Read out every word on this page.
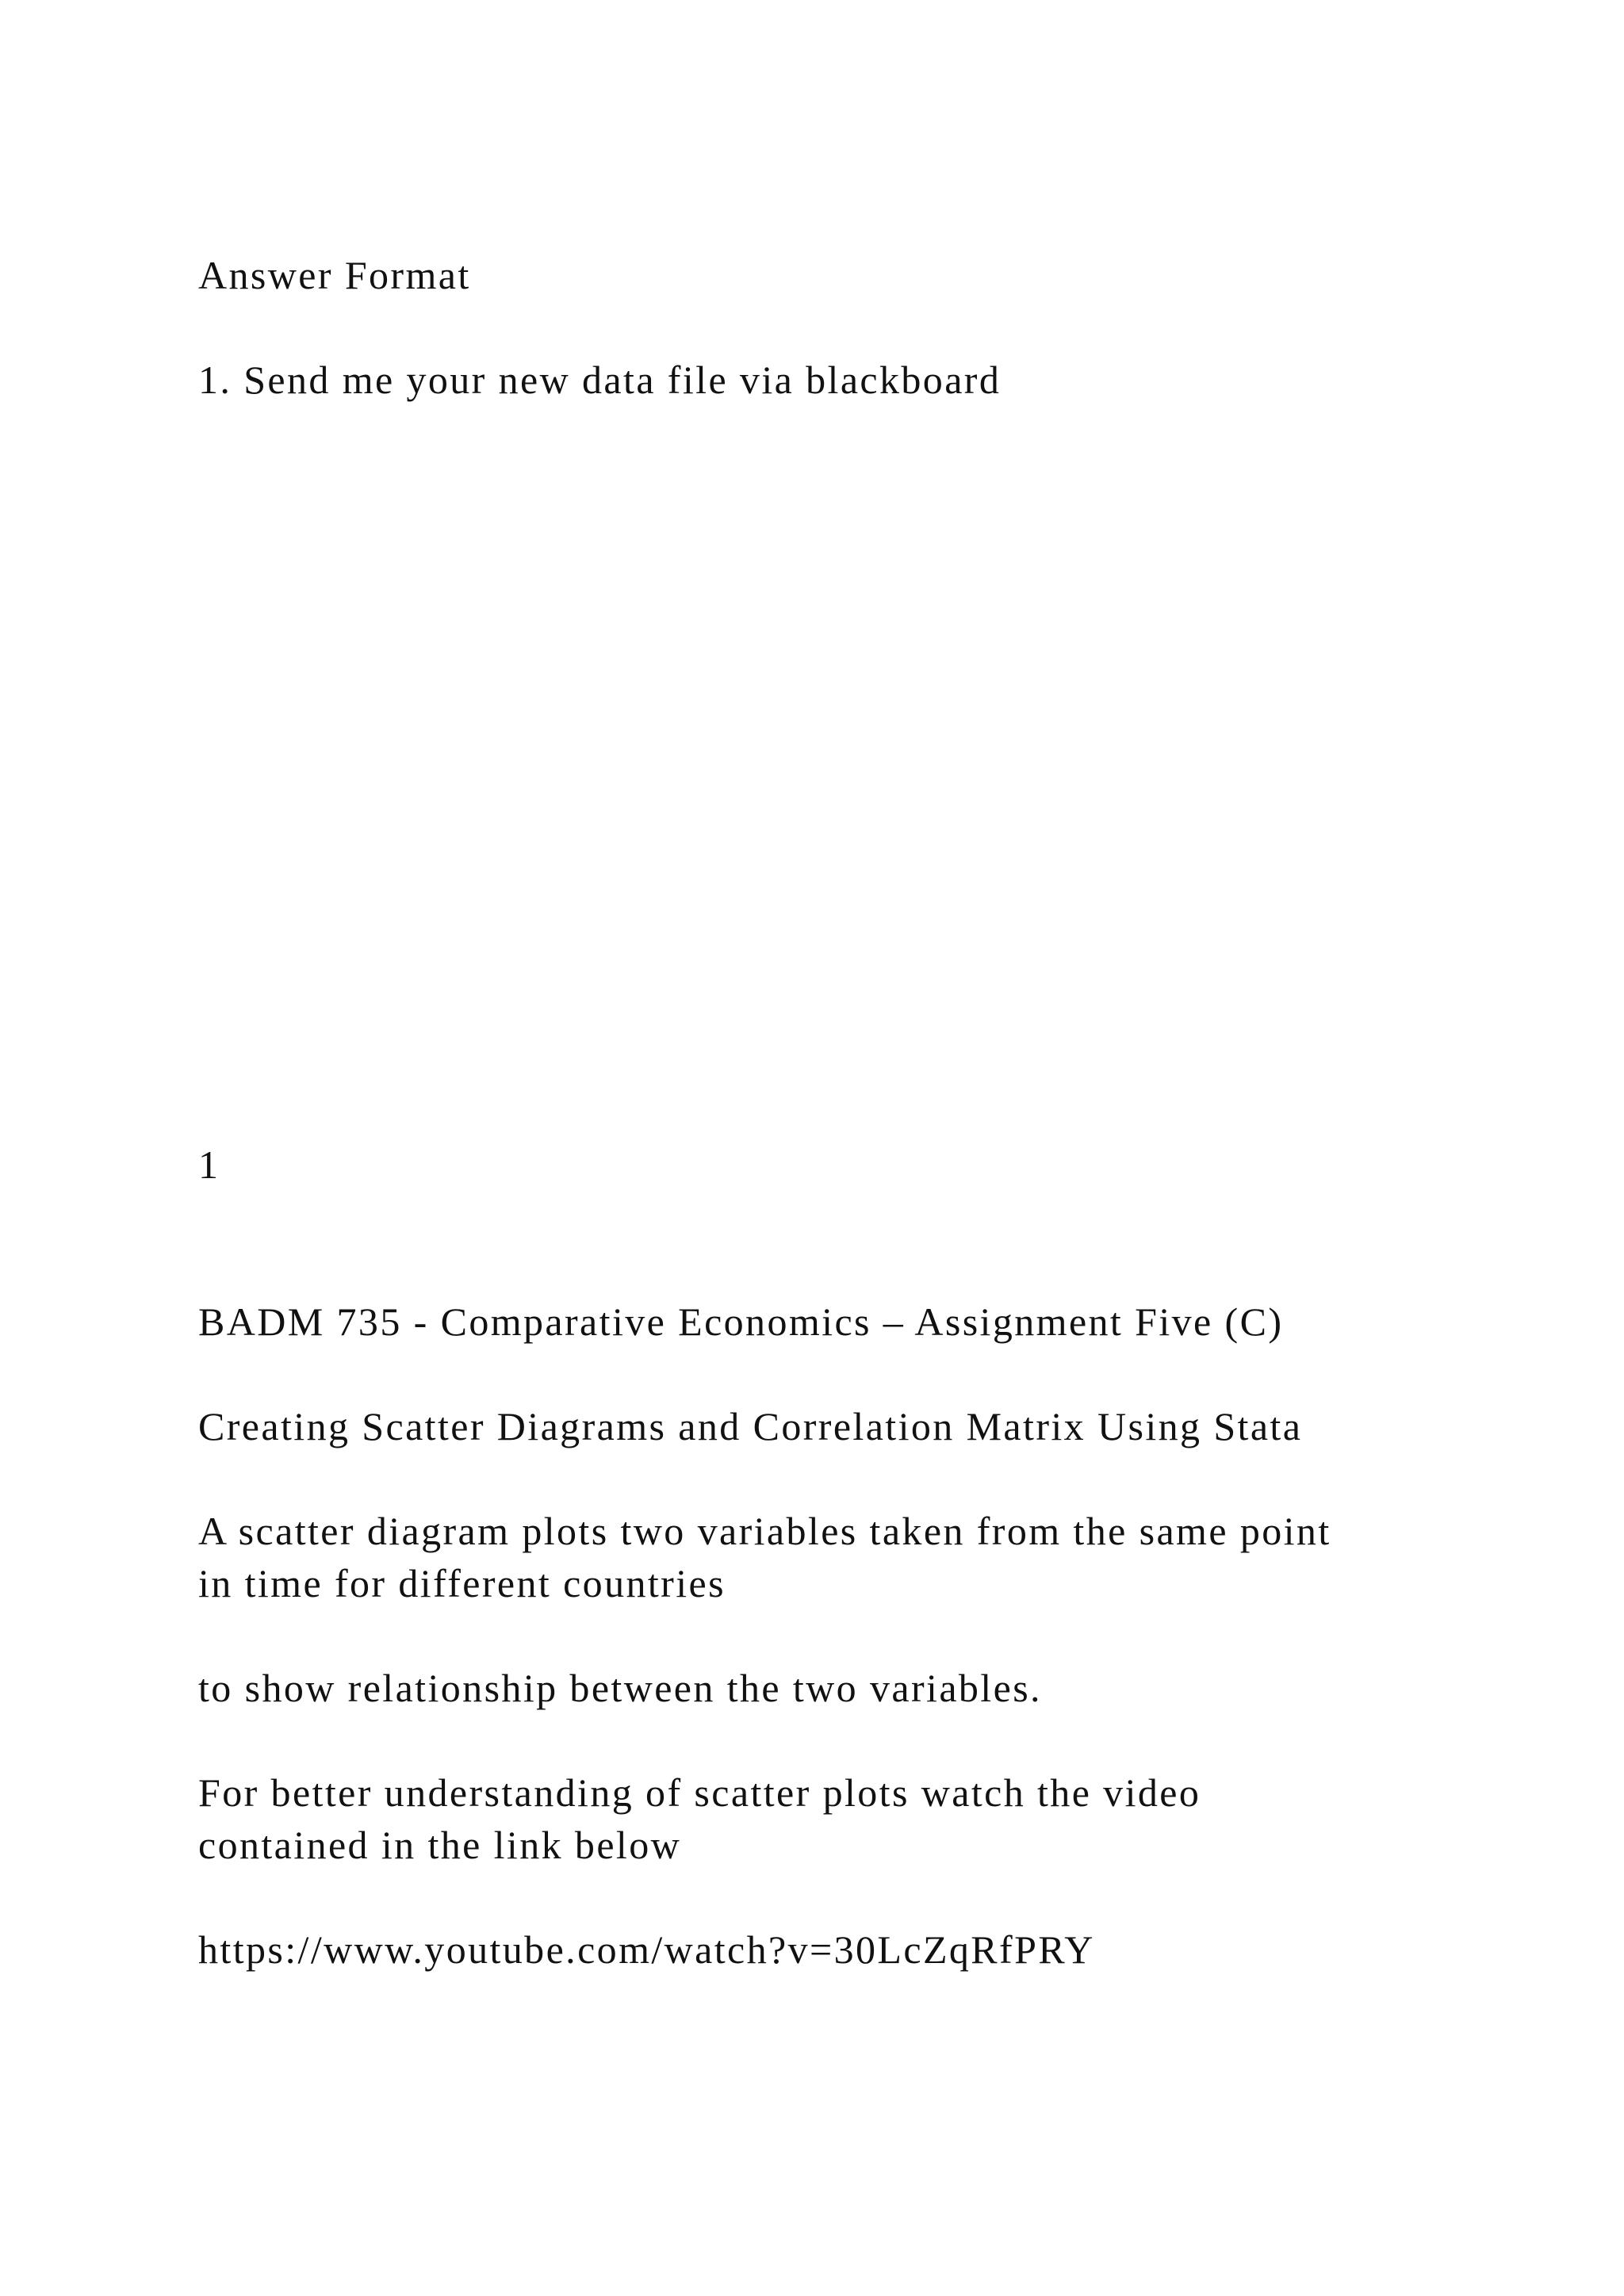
Answer Format

1. Send me your new data file via blackboard

1

BADM 735 - Comparative Economics – Assignment Five (C)

Creating Scatter Diagrams and Correlation Matrix Using Stata

A scatter diagram plots two variables taken from the same point
in time for different countries

to show relationship between the two variables.

For better understanding of scatter plots watch the video
contained in the link below

https://www.youtube.com/watch?v=30LcZqRfPRY
